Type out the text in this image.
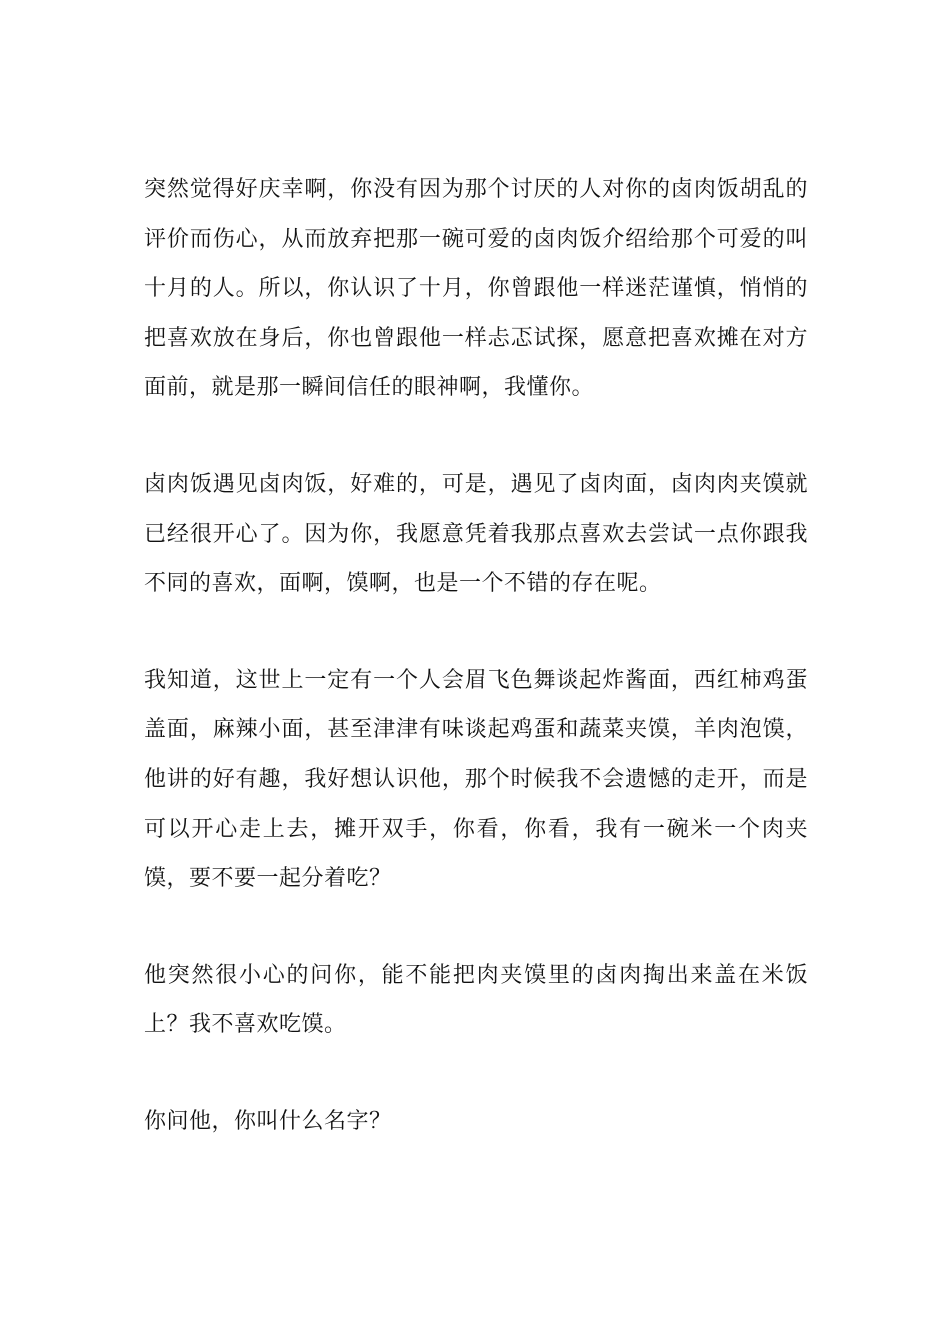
突然觉得好庆幸啊，你没有因为那个讨厌的人对你的卤肉饭胡乱的评价而伤心，从而放弃把那一碗可爱的卤肉饭介绍给那个可爱的叫十月的人。所以，你认识了十月，你曾跟他一样迷茫谨慎，悄悄的把喜欢放在身后，你也曾跟他一样忐忑试探，愿意把喜欢摊在对方面前，就是那一瞬间信任的眼神啊，我懂你。

卤肉饭遇见卤肉饭，好难的，可是，遇见了卤肉面，卤肉肉夹馍就已经很开心了。因为你，我愿意凭着我那点喜欢去尝试一点你跟我不同的喜欢，面啊，馍啊，也是一个不错的存在呢。

我知道，这世上一定有一个人会眉飞色舞谈起炸酱面，西红柿鸡蛋盖面，麻辣小面，甚至津津有味谈起鸡蛋和蔬菜夹馍，羊肉泡馍，他讲的好有趣，我好想认识他，那个时候我不会遗憾的走开，而是可以开心走上去，摊开双手，你看，你看，我有一碗米一个肉夹馍，要不要一起分着吃？

他突然很小心的问你，能不能把肉夹馍里的卤肉掏出来盖在米饭上？我不喜欢吃馍。

你问他，你叫什么名字？
